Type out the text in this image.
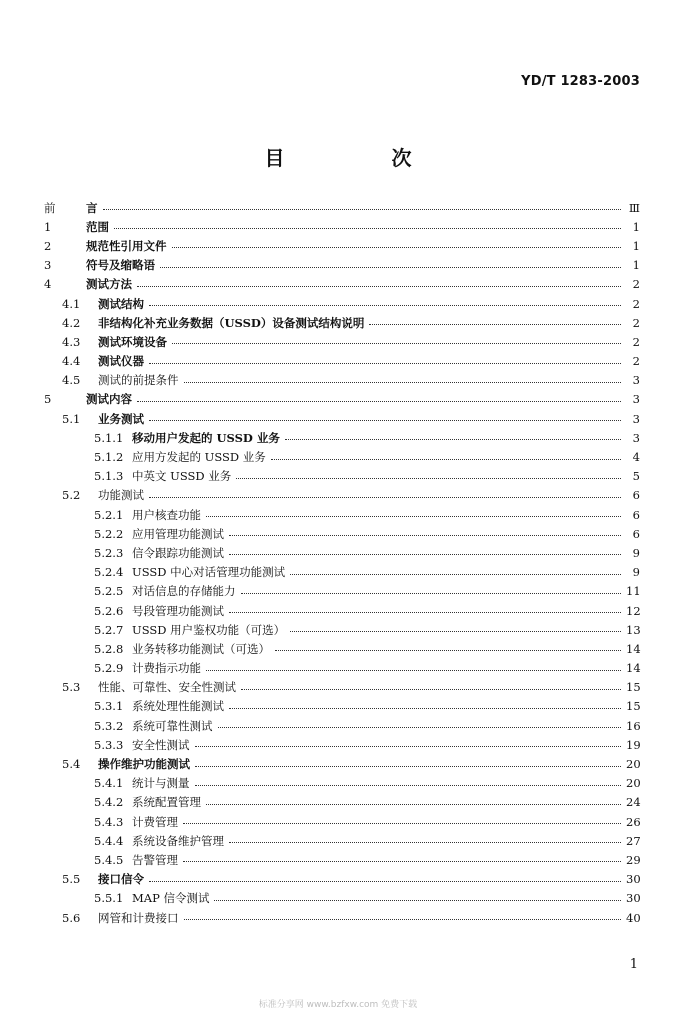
YD/T 1283-2003
目 次
前	言	Ⅲ
1	范围	1
2	规范性引用文件	1
3	符号及缩略语	1
4	测试方法	2
4.1	测试结构	2
4.2	非结构化补充业务数据（USSD）设备测试结构说明	2
4.3	测试环境设备	2
4.4	测试仪器	2
4.5	测试的前提条件	3
5	测试内容	3
5.1	业务测试	3
5.1.1 移动用户发起的 USSD 业务	3
5.1.2 应用方发起的 USSD 业务	4
5.1.3 中英文 USSD 业务	5
5.2	功能测试	6
5.2.1 用户核查功能	6
5.2.2 应用管理功能测试	6
5.2.3 信令跟踪功能测试	9
5.2.4 USSD 中心对话管理功能测试	9
5.2.5 对话信息的存储能力	11
5.2.6 号段管理功能测试	12
5.2.7 USSD 用户鉴权功能（可选）	13
5.2.8 业务转移功能测试（可选）	14
5.2.9 计费指示功能	14
5.3	性能、可靠性、安全性测试	15
5.3.1 系统处理性能测试	15
5.3.2 系统可靠性测试	16
5.3.3 安全性测试	19
5.4	操作维护功能测试	20
5.4.1 统计与测量	20
5.4.2 系统配置管理	24
5.4.3 计费管理	26
5.4.4 系统设备维护管理	27
5.4.5 告警管理	29
5.5	接口信令	30
5.5.1 MAP 信令测试	30
5.6	网管和计费接口	40
1
标准分享网 www.bzfxw.com 免费下载
